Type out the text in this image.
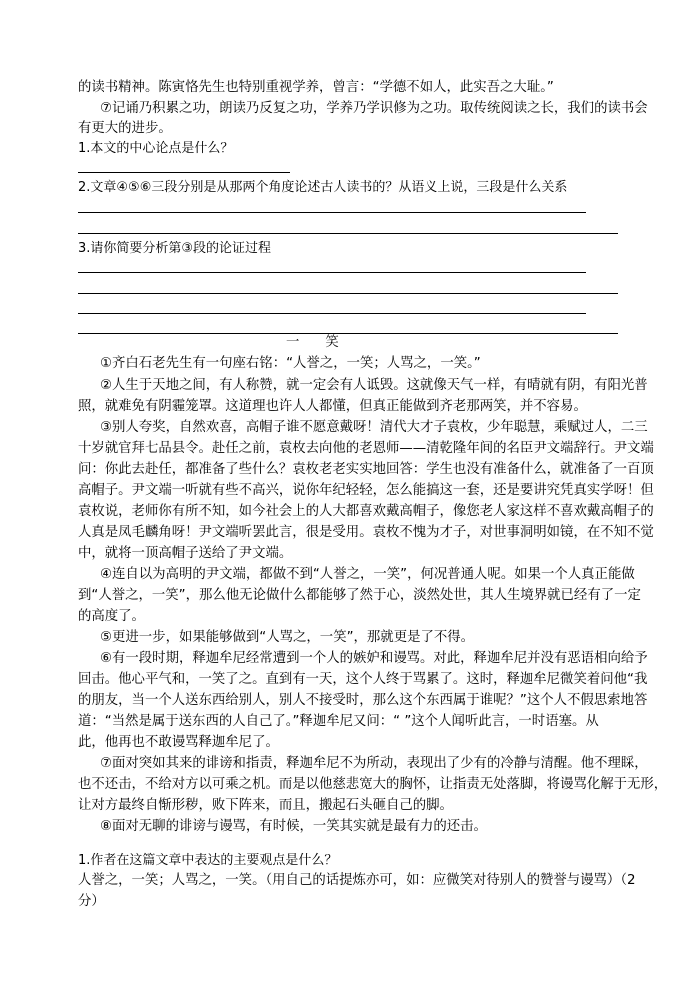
的读书精神。陈寅恪先生也特别重视学养，曾言：“学德不如人，此实吾之大耻。”
⑦记诵乃积累之功，朗读乃反复之功，学养乃学识修为之功。取传统阅读之长，我们的读书会
有更大的进步。
1.本文的中心论点是什么？
2.文章④⑤⑥三段分别是从那两个角度论述古人读书的？从语义上说，三段是什么关系
3.请你简要分析第③段的论证过程
一笑
①齐白石老先生有一句座右铭：“人誉之，一笑；人骂之，一笑。”
②人生于天地之间，有人称赞，就一定会有人诋毁。这就像天气一样，有晴就有阴，有阳光普
照，就难免有阴霾笼罩。这道理也许人人都懂，但真正能做到齐老那两笑，并不容易。
③别人夸奖，自然欢喜，高帽子谁不愿意戴呀！清代大才子袁枚，少年聪慧，乘赋过人，二三
十岁就官拜七品县令。赴任之前，袁枚去向他的老恩师——清乾隆年间的名臣尹文端辞行。尹文端
问：你此去赴任，都准备了些什么？袁枚老老实实地回答：学生也没有准备什么，就准备了一百顶
高帽子。尹文端一听就有些不高兴，说你年纪轻轻，怎么能搞这一套，还是要讲究凭真实学呀！但
袁枚说，老师你有所不知，如今社会上的人大都喜欢戴高帽子，像您老人家这样不喜欢戴高帽子的
人真是凤毛麟角呀！尹文端听罢此言，很是受用。袁枚不愧为才子，对世事洞明如镜，在不知不觉
中，就将一顶高帽子送给了尹文端。
④连自以为高明的尹文端，都做不到“人誉之，一笑”，何况普通人呢。如果一个人真正能做
到“人誉之，一笑”，那么他无论做什么都能够了然于心，淡然处世，其人生境界就已经有了一定
的高度了。
⑤更进一步，如果能够做到“人骂之，一笑”，那就更是了不得。
⑥有一段时期，释迦牟尼经常遭到一个人的嫉妒和谩骂。对此，释迦牟尼并没有恶语相向给予
回击。他心平气和，一笑了之。直到有一天，这个人终于骂累了。这时，释迦牟尼微笑着问他“我
的朋友，当一个人送东西给别人，别人不接受时，那么这个东西属于谁呢？”这个人不假思索地答
道：“当然是属于送东西的人自己了。”释迦牟尼又问：“ ”这个人闻听此言，一时语塞。从
此，他再也不敢谩骂释迦牟尼了。
⑦面对突如其来的诽谤和指责，释迦牟尼不为所动，表现出了少有的冷静与清醒。他不理睬，
也不还击，不给对方以可乘之机。而是以他慈悲宽大的胸怀，让指责无处落脚，将谩骂化解于无形，
让对方最终自惭形秽，败下阵来，而且，搬起石头砸自己的脚。
⑧面对无聊的诽谤与谩骂，有时候，一笑其实就是最有力的还击。
1.作者在这篇文章中表达的主要观点是什么？
人誉之，一笑；人骂之，一笑。（用自己的话提炼亦可，如：应微笑对待别人的赞誉与谩骂）（2
分）
